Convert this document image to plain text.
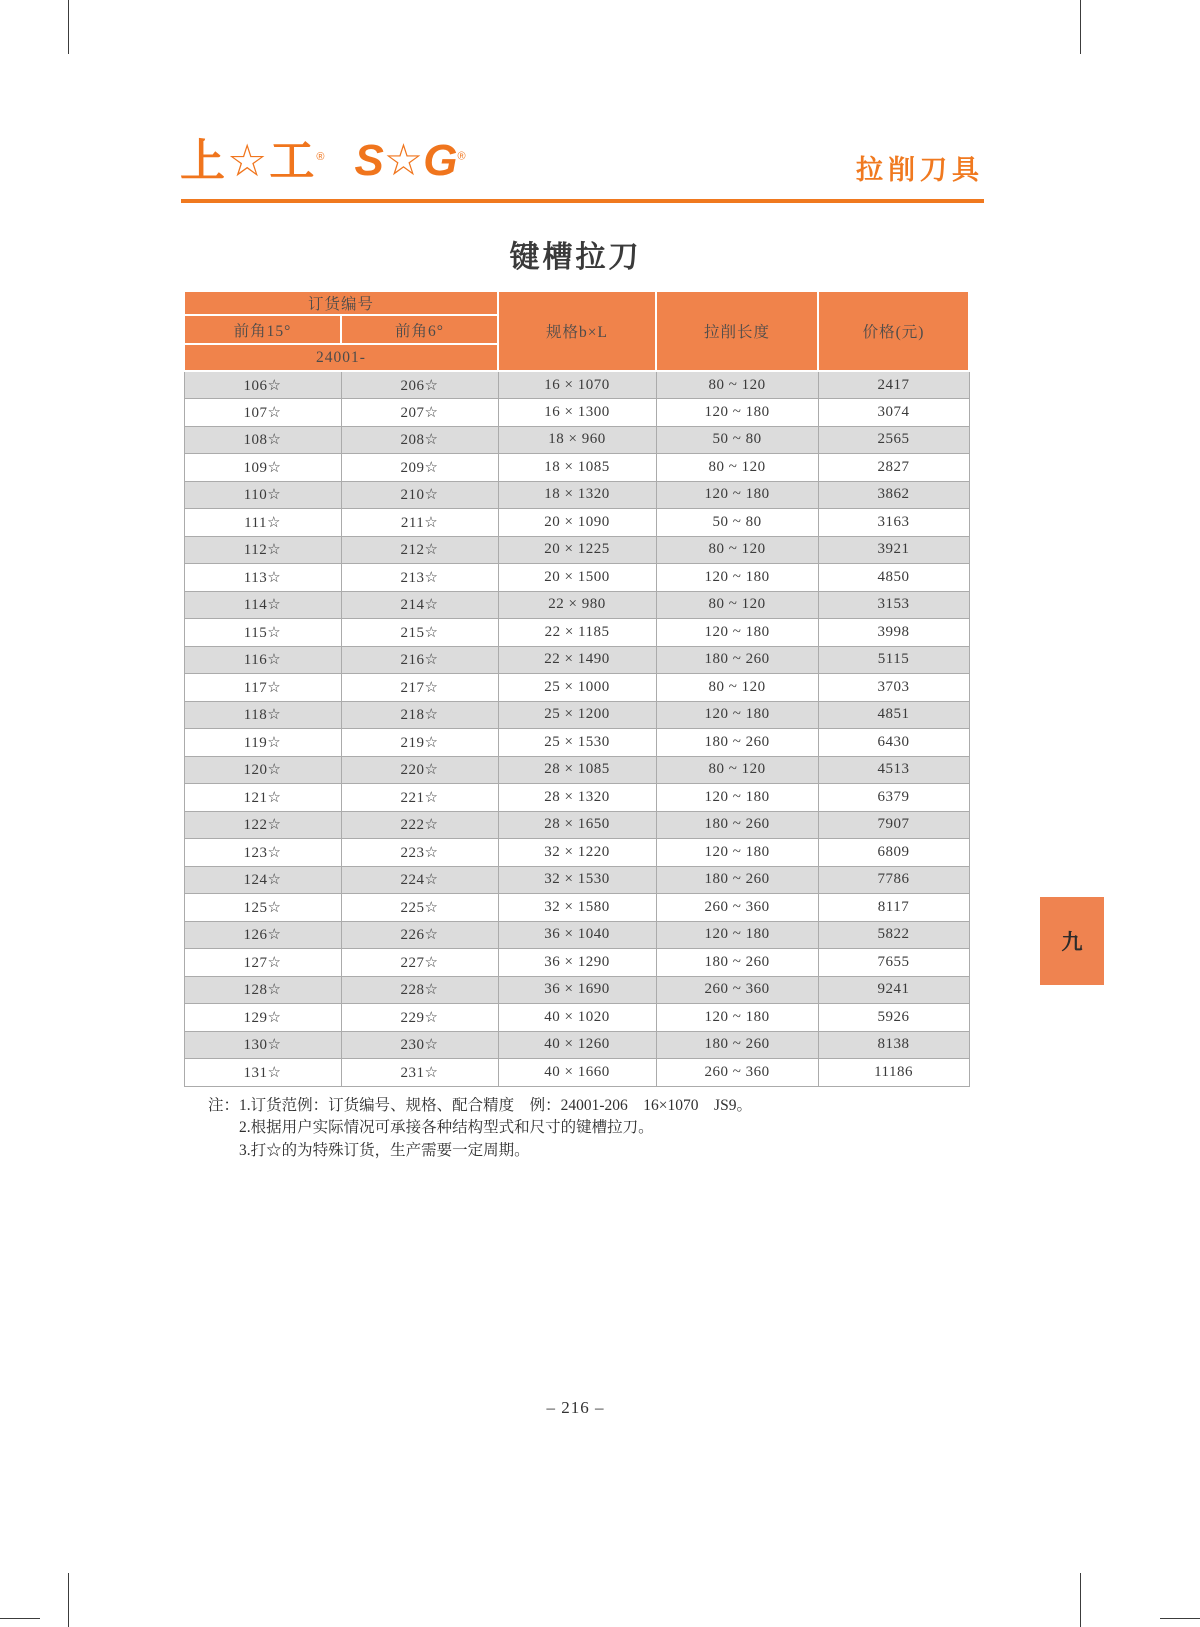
上☆工® S☆G®	拉削刀具
键槽拉刀
订货编号		规格b×L	拉削长度	价格(元)
前角15°	前角6°			
24001-				
106☆	206☆	16 × 1070	80 ~ 120	2417
107☆	207☆	16 × 1300	120 ~ 180	3074
108☆	208☆	18 × 960	50 ~ 80	2565
109☆	209☆	18 × 1085	80 ~ 120	2827
110☆	210☆	18 × 1320	120 ~ 180	3862
111☆	211☆	20 × 1090	50 ~ 80	3163
112☆	212☆	20 × 1225	80 ~ 120	3921
113☆	213☆	20 × 1500	120 ~ 180	4850
114☆	214☆	22 × 980	80 ~ 120	3153
115☆	215☆	22 × 1185	120 ~ 180	3998
116☆	216☆	22 × 1490	180 ~ 260	5115
117☆	217☆	25 × 1000	80 ~ 120	3703
118☆	218☆	25 × 1200	120 ~ 180	4851
119☆	219☆	25 × 1530	180 ~ 260	6430
120☆	220☆	28 × 1085	80 ~ 120	4513
121☆	221☆	28 × 1320	120 ~ 180	6379
122☆	222☆	28 × 1650	180 ~ 260	7907
123☆	223☆	32 × 1220	120 ~ 180	6809
124☆	224☆	32 × 1530	180 ~ 260	7786
125☆	225☆	32 × 1580	260 ~ 360	8117
126☆	226☆	36 × 1040	120 ~ 180	5822
127☆	227☆	36 × 1290	180 ~ 260	7655
128☆	228☆	36 × 1690	260 ~ 360	9241
129☆	229☆	40 × 1020	120 ~ 180	5926
130☆	230☆	40 × 1260	180 ~ 260	8138
131☆	231☆	40 × 1660	260 ~ 360	11186
注：1.订货范例：订货编号、规格、配合精度　例：24001-206　16×1070　JS9。
2.根据用户实际情况可承接各种结构型式和尺寸的键槽拉刀。
3.打☆的为特殊订货，生产需要一定周期。
九
– 216 –
